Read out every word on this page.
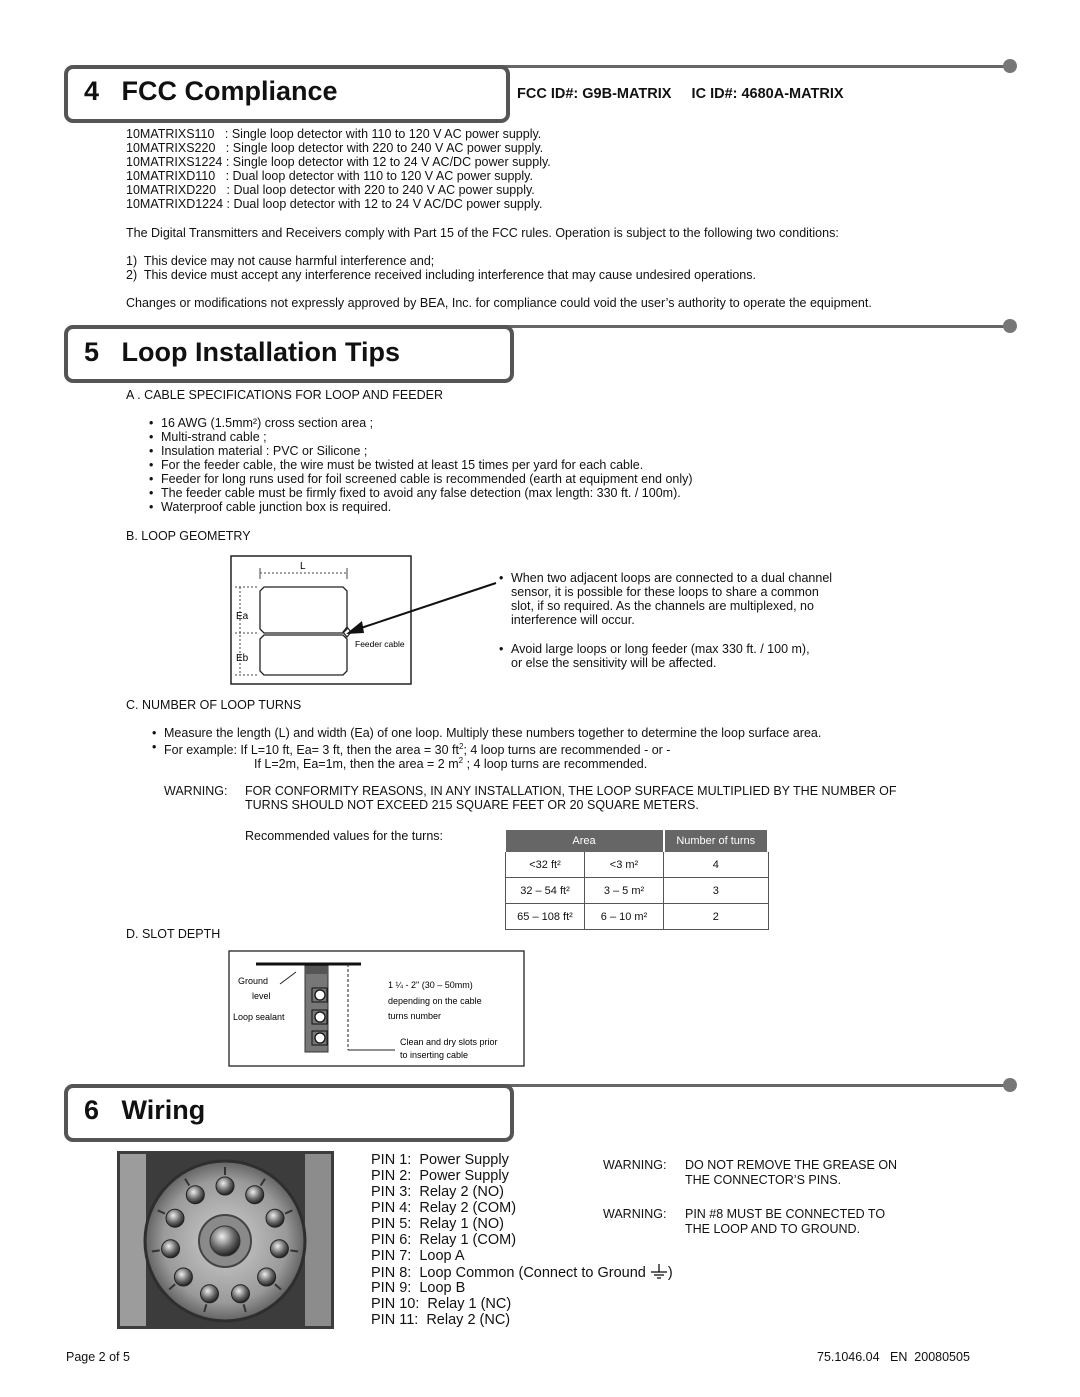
4 FCC Compliance	FCC ID#: G9B-MATRIX     IC ID#: 4680A-MATRIX
10MATRIXS110   : Single loop detector with 110 to 120 V AC power supply.
10MATRIXS220   : Single loop detector with 220 to 240 V AC power supply.
10MATRIXS1224 : Single loop detector with 12 to 24 V AC/DC power supply.
10MATRIXD110   : Dual loop detector with 110 to 120 V AC power supply.
10MATRIXD220   : Dual loop detector with 220 to 240 V AC power supply.
10MATRIXD1224 : Dual loop detector with 12 to 24 V AC/DC power supply.
The Digital Transmitters and Receivers comply with Part 15 of the FCC rules. Operation is subject to the following two conditions:
1)  This device may not cause harmful interference and;
2)  This device must accept any interference received including interference that may cause undesired operations.
Changes or modifications not expressly approved by BEA, Inc. for compliance could void the user’s authority to operate the equipment.
5 Loop Installation Tips
A . CABLE SPECIFICATIONS FOR LOOP AND FEEDER
• 16 AWG (1.5mm²) cross section area ;
• Multi-strand cable ;
• Insulation material : PVC or Silicone ;
• For the feeder cable, the wire must be twisted at least 15 times per yard for each cable.
• Feeder for long runs used for foil screened cable is recommended (earth at equipment end only)
• The feeder cable must be firmly fixed to avoid any false detection (max length: 330 ft. / 100m).
• Waterproof cable junction box is required.
B. LOOP GEOMETRY
L
Ea
Eb
Feeder cable
• When two adjacent loops are connected to a dual channel
sensor, it is possible for these loops to share a common
slot, if so required. As the channels are multiplexed, no
interference will occur.
• Avoid large loops or long feeder (max 330 ft. / 100 m),
or else the sensitivity will be affected.
C. NUMBER OF LOOP TURNS
• Measure the length (L) and width (Ea) of one loop. Multiply these numbers together to determine the loop surface area.
• For example: If L=10 ft, Ea= 3 ft, then the area = 30 $ft^2$; 4 loop turns are recommended - or -
If L=2m, Ea=1m, then the area = 2 $m^2$ ; 4 loop turns are recommended.
WARNING: FOR CONFORMITY REASONS, IN ANY INSTALLATION, THE LOOP SURFACE MULTIPLIED BY THE NUMBER OF
TURNS SHOULD NOT EXCEED 215 SQUARE FEET OR 20 SQUARE METERS.
Recommended values for the turns:	Area		Number of turns
<32 ft²	<3 m²	4
32 – 54 ft²	3 – 5 m²	3
65 – 108 ft²	6 – 10 m²	2
D. SLOT DEPTH
Ground
level
Loop sealant
1 ¼ - 2" (30 – 50mm)
depending on the cable
turns number
Clean and dry slots prior
to inserting cable
6 Wiring
PIN 1:  Power Supply
PIN 2:  Power Supply
PIN 3:  Relay 2 (NO)
PIN 4:  Relay 2 (COM)
PIN 5:  Relay 1 (NO)
PIN 6:  Relay 1 (COM)
PIN 7:  Loop A
PIN 8:  Loop Common (Connect to Ground )
PIN 9:  Loop B
PIN 10:  Relay 1 (NC)
PIN 11:  Relay 2 (NC)
WARNING: DO NOT REMOVE THE GREASE ON
THE CONNECTOR’S PINS.
WARNING: PIN #8 MUST BE CONNECTED TO
THE LOOP AND TO GROUND.
Page 2 of 5	75.1046.04   EN  20080505
